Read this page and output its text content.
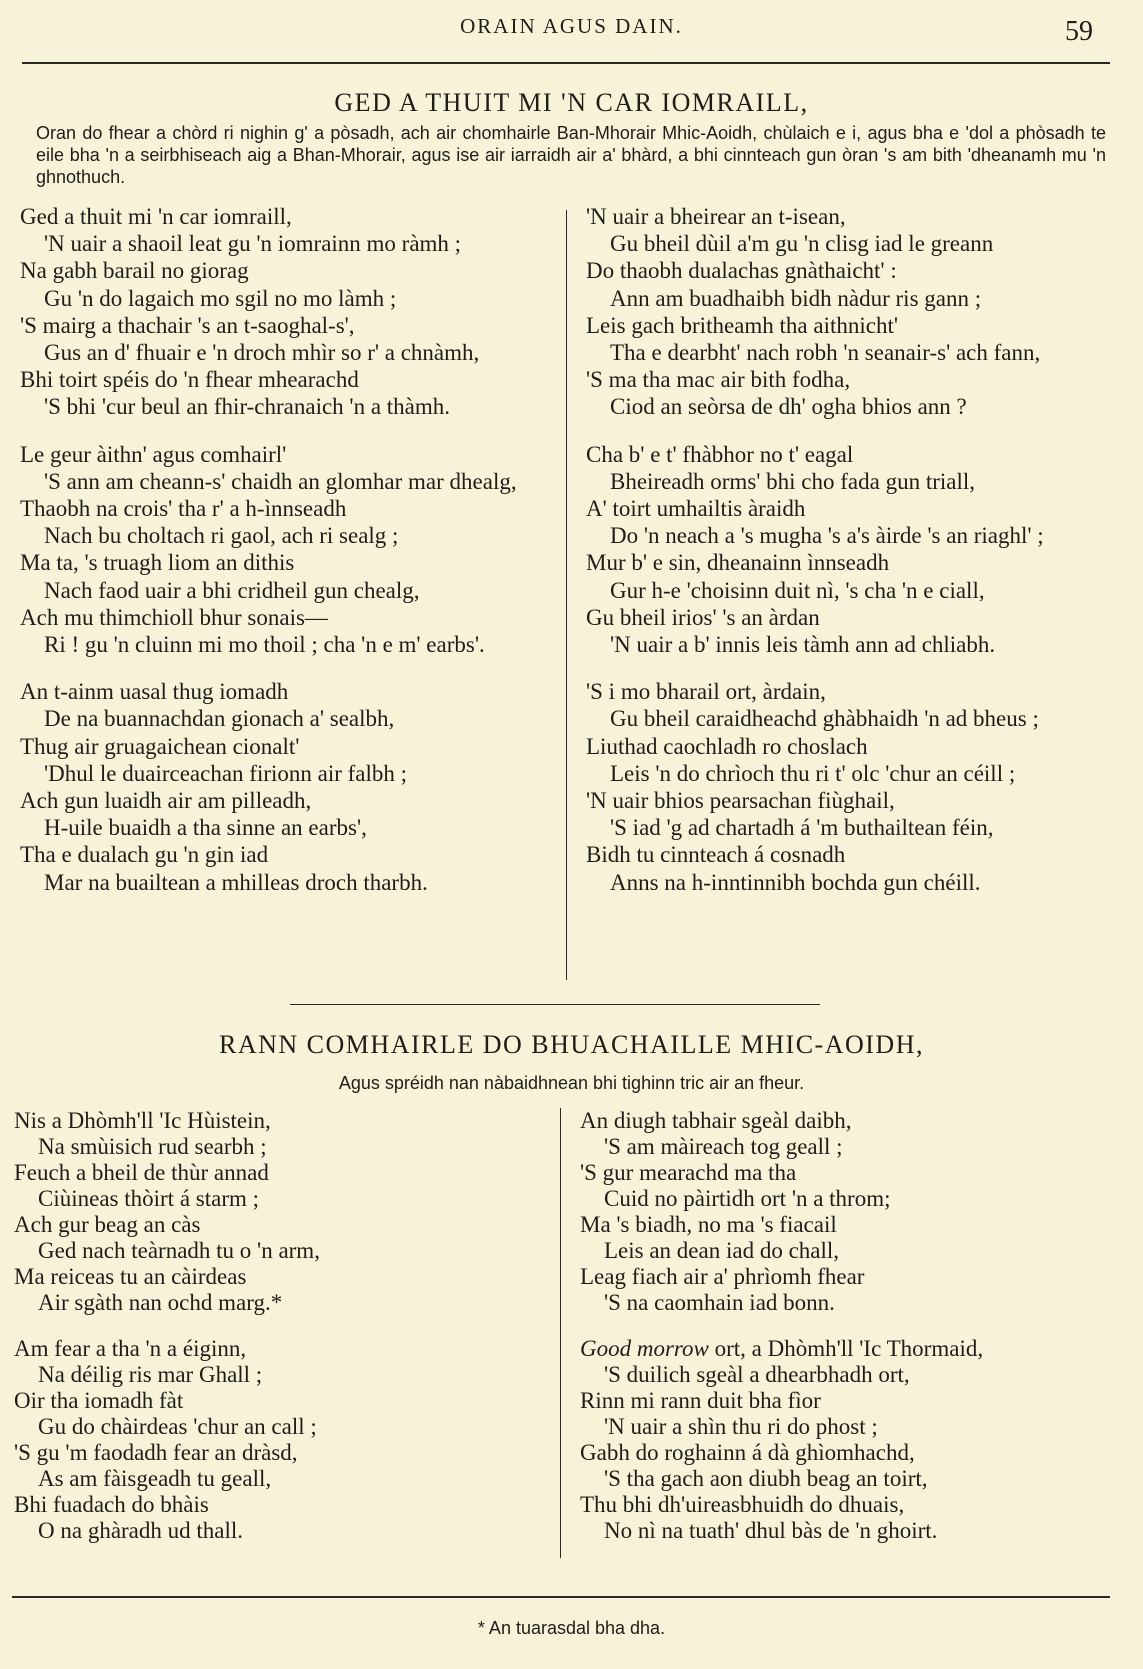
ORAIN AGUS DAIN.	59
GED A THUIT MI 'N CAR IOMRAILL,
Oran do fhear a chòrd ri nighin g' a pòsadh, ach air chomhairle Ban-Mhorair Mhic-Aoidh, chùlaich e i, agus bha e 'dol a phòsadh te eile bha 'n a seirbhiseach aig a Bhan-Mhorair, agus ise air iarraidh air a' bhàrd, a bhi cinnteach gun òran 's am bith 'dheanamh mu 'n ghnothuch.
Ged a thuit mi 'n car iomraill,
'N uair a shaoil leat gu 'n iomrainn mo ràmh ;
Na gabh barail no giorag
Gu 'n do lagaich mo sgil no mo làmh ;
'S mairg a thachair 's an t-saoghal-s',
Gus an d' fhuair e 'n droch mhìr so r' a chnàmh,
Bhi toirt spéis do 'n fhear mhearachd
'S bhi 'cur beul an fhir-chranaich 'n a thàmh.
Le geur àithn' agus comhairl'
'S ann am cheann-s' chaidh an glomhar mar dhealg,
Thaobh na crois' tha r' a h-ìnnseadh
Nach bu choltach ri gaol, ach ri sealg ;
Ma ta, 's truagh liom an dithis
Nach faod uair a bhi cridheil gun chealg,
Ach mu thimchioll bhur sonais—
Ri ! gu 'n cluinn mi mo thoil ; cha 'n e m' earbs'.
An t-ainm uasal thug iomadh
De na buannachdan gionach a' sealbh,
Thug air gruagaichean cionalt'
'Dhul le duairceachan firionn air falbh ;
Ach gun luaidh air am pilleadh,
H-uile buaidh a tha sinne an earbs',
Tha e dualach gu 'n gin iad
Mar na buailtean a mhilleas droch tharbh.
'N uair a bheirear an t-isean,
Gu bheil dùil a'm gu 'n clisg iad le greann
Do thaobh dualachas gnàthaicht' :
Ann am buadhaibh bidh nàdur ris gann ;
Leis gach britheamh tha aithnicht'
Tha e dearbht' nach robh 'n seanair-s' ach fann,
'S ma tha mac air bith fodha,
Ciod an seòrsa de dh' ogha bhios ann ?
Cha b' e t' fhàbhor no t' eagal
Bheireadh orms' bhi cho fada gun triall,
A' toirt umhailtis àraidh
Do 'n neach a 's mugha 's a's àirde 's an riaghl' ;
Mur b' e sin, dheanainn ìnnseadh
Gur h-e 'choisinn duit nì, 's cha 'n e ciall,
Gu bheil irios' 's an àrdan
'N uair a b' innis leis tàmh ann ad chliabh.
'S i mo bharail ort, àrdain,
Gu bheil caraidheachd ghàbhaidh 'n ad bheus ;
Liuthad caochladh ro choslach
Leis 'n do chrìoch thu ri t' olc 'chur an céill ;
'N uair bhios pearsachan fiùghail,
'S iad 'g ad chartadh á 'm buthailtean féin,
Bidh tu cinnteach á cosnadh
Anns na h-inntinnibh bochda gun chéill.
RANN COMHAIRLE DO BHUACHAILLE MHIC-AOIDH,
Agus spréidh nan nàbaidhnean bhi tighinn tric air an fheur.
Nis a Dhòmh'll 'Ic Hùistein,
Na smùisich rud searbh ;
Feuch a bheil de thùr annad
Ciùineas thòirt á starm ;
Ach gur beag an càs
Ged nach teàrnadh tu o 'n arm,
Ma reiceas tu an càirdeas
Air sgàth nan ochd marg.*
Am fear a tha 'n a éiginn,
Na déilig ris mar Ghall ;
Oir tha iomadh fàt
Gu do chàirdeas 'chur an call ;
'S gu 'm faodadh fear an dràsd,
As am fàisgeadh tu geall,
Bhi fuadach do bhàis
O na ghàradh ud thall.
An diugh tabhair sgeàl daibh,
'S am màireach tog geall ;
'S gur mearachd ma tha
Cuid no pàirtidh ort 'n a throm;
Ma 's biadh, no ma 's fiacail
Leis an dean iad do chall,
Leag fiach air a' phrìomh fhear
'S na caomhain iad bonn.
Good morrow ort, a Dhòmh'll 'Ic Thormaid,
'S duilich sgeàl a dhearbhadh ort,
Rinn mi rann duit bha fìor
'N uair a shìn thu ri do phost ;
Gabh do roghainn á dà ghìomhachd,
'S tha gach aon diubh beag an toirt,
Thu bhi dh'uireasbhuidh do dhuais,
No nì na tuath' dhul bàs de 'n ghoirt.
* An tuarasdal bha dha.
